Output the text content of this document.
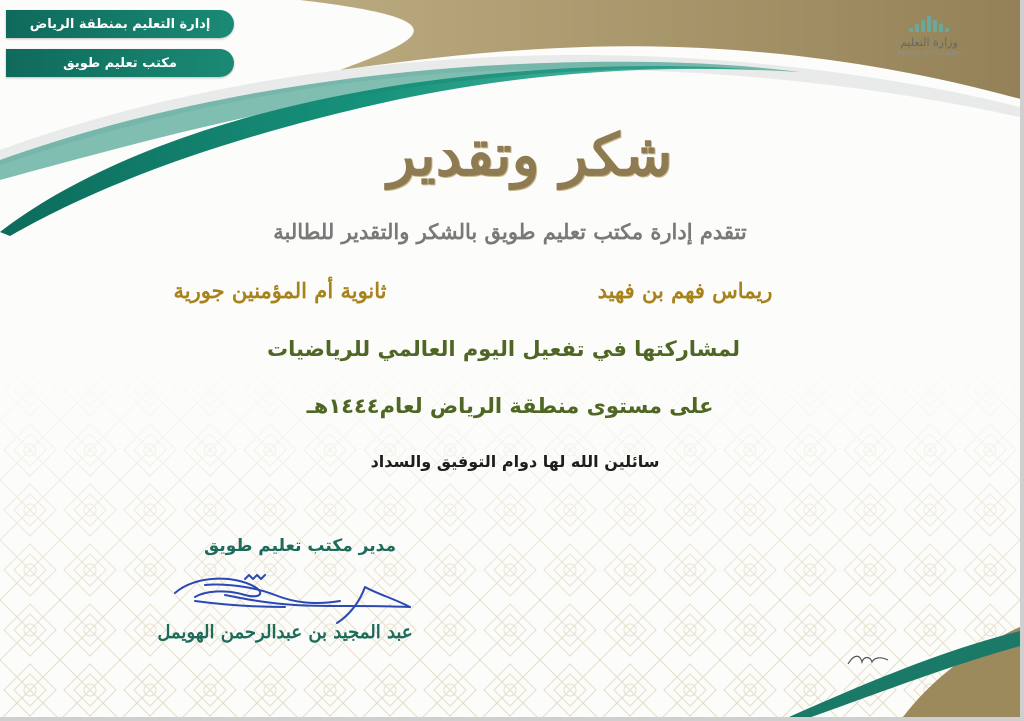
إدارة التعليم بمنطقة الرياض
مكتب تعليم طويق
وزارة التعليم
Ministry of Education
شكر وتقدير
تتقدم إدارة مكتب تعليم طويق بالشكر والتقدير للطالبة
ريماس فهم بن فهيد
ثانوية أم المؤمنين جورية
لمشاركتها في تفعيل اليوم العالمي للرياضيات
على مستوى منطقة الرياض لعام١٤٤٤هـ
سائلين الله لها دوام التوفيق والسداد
مدير مكتب تعليم طويق
عبد المجيد بن عبدالرحمن الهويمل
